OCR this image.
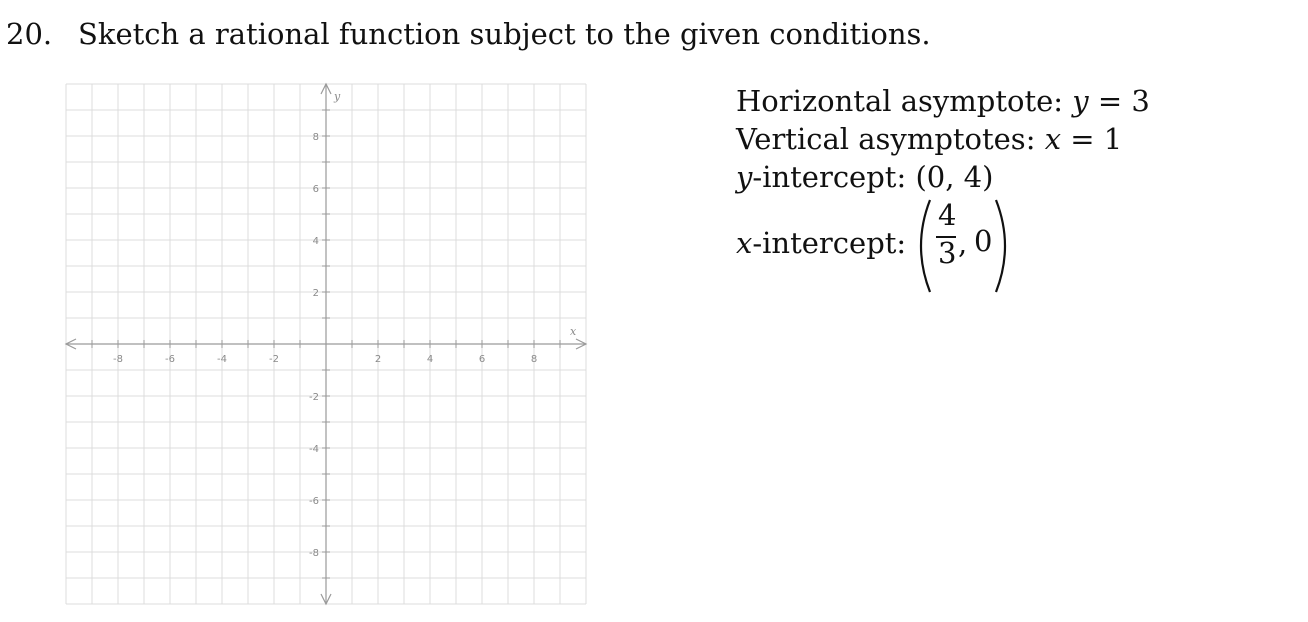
20. Sketch a rational function subject to the given conditions.
-8	-6	-4	-2	2	4	6	8
8
6
4
2
-2
-4
-6
-8
x
y	Horizontal asymptote: y = 3
Vertical asymptotes: x = 1
y-intercept: (0, 4)
x-intercept:
4
3 , 0
